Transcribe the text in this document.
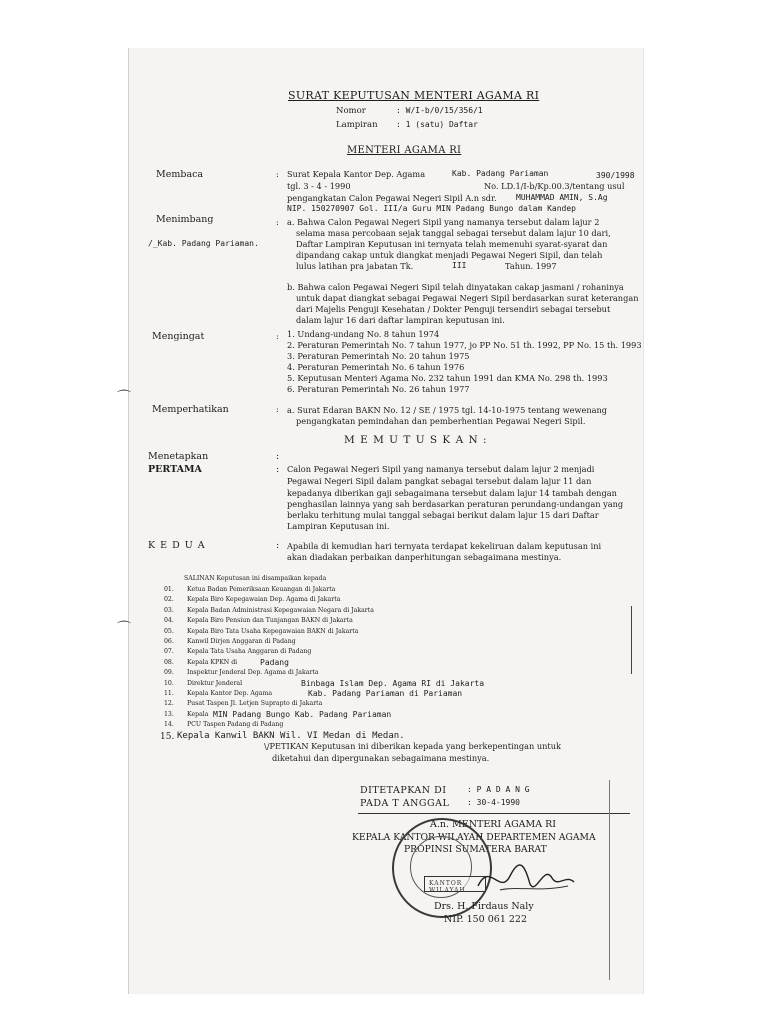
SURAT KEPUTUSAN MENTERI AGAMA RI
Nomor	: W/I-b/0/15/356/1
Lampiran : 1 (satu) Daftar
MENTERI AGAMA RI
Membaca	: Surat Kepala Kantor Dep. Agama	Kab. Padang Pariaman	390/1998
tgl. 3 - 4 - 1990	No. LD.1/I-b/Kp.00.3/tentang usul
pengangkatan Calon Pegawai Negeri Sipil A.n sdr. MUHAMMAD AMIN, S.Ag
NIP. 150270907 Gol. III/a Guru MIN Padang Bungo dalam Kandep
Menimbang
/_Kab. Padang Pariaman.
: a. Bahwa Calon Pegawai Negeri Sipil yang namanya tersebut dalam lajur 2
selama masa percobaan sejak tanggal sebagai tersebut dalam lajur 10 dari,
Daftar Lampiran Keputusan ini ternyata telah memenuhi syarat-syarat dan
dipandang cakap untuk diangkat menjadi Pegawai Negeri Sipil, dan telah
lulus latihan pra jabatan Tk.	III	Tahun. 1997
b. Bahwa calon Pegawai Negeri Sipil telah dinyatakan cakap jasmani / rohaninya
untuk dapat diangkat sebagai Pegawai Negeri Sipil berdasarkan surat keterangan
dari Majelis Penguji Kesehatan / Dokter Penguji tersendiri sebagai tersebut
dalam lajur 16 dari daftar lampiran keputusan ini.
Mengingat	: 1. Undang-undang No. 8 tahun 1974
2. Peraturan Pemerintah No. 7 tahun 1977, jo PP No. 51 th. 1992, PP No. 15 th. 1993
3. Peraturan Pemerintah No. 20 tahun 1975
4. Peraturan Pemerintah No. 6 tahun 1976
5. Keputusan Menteri Agama No. 232 tahun 1991 dan KMA No. 298 th. 1993
6. Peraturan Pemerintah No. 26 tahun 1977
Memperhatikan	: a. Surat Edaran BAKN No. 12 / SE / 1975 tgl. 14-10-1975 tentang wewenang
pengangkatan pemindahan dan pemberhentian Pegawai Negeri Sipil.
M E M U T U S K A N :
Menetapkan	:
PERTAMA	: Calon Pegawai Negeri Sipil yang namanya tersebut dalam lajur 2 menjadi
Pegawai Negeri Sipil dalam pangkat sebagai tersebut dalam lajur 11 dan
kepadanya diberikan gaji sebagaimana tersebut dalam lajur 14 tambah dengan
penghasilan lainnya yang sah berdasarkan peraturan perundang-undangan yang
berlaku terhitung mulai tanggal sebagai berikut dalam lajur 15 dari Daftar
Lampiran Keputusan ini.
K E D U A	: Apabila di kemudian hari ternyata terdapat kekeliruan dalam keputusan ini
akan diadakan perbaikan danperhitungan sebagaimana mestinya.
SALINAN Keputusan ini disampaikan kepada
01. Ketua Badan Pemeriksaan Keuangan di Jakarta
02. Kepala Biro Kepegawaian Dep. Agama di Jakarta
03. Kepala Badan Administrasi Kepegawaian Negara di Jakarta
04. Kepala Biro Pensiun dan Tunjangan BAKN di Jakarta
05. Kepala Biro Tata Usaha Kepegawaian BAKN di Jakarta
06. Kanwil Dirjen Anggaran di Padang
07. Kepala Tata Usaha Anggaran di Padang
08. Kepala KPKN di	Padang
09. Inspektur Jenderal Dep. Agama di Jakarta
10. Direktur Jenderal	Binbaga Islam Dep. Agama RI di Jakarta
11. Kepala Kantor Dep. Agama	Kab. Padang Pariaman di Pariaman
12. Pusat Taspen Jl. Letjen Suprapto di Jakarta
13. Kepala MIN Padang Bungo Kab. Padang Pariaman
14. PCU Taspen Padang di Padang
15. Kepala Kanwil BAKN Wil. VI Medan di Medan.
\/PETIKAN Keputusan ini diberikan kepada yang berkepentingan untuk
diketahui dan dipergunakan sebagaimana mestinya.
DITETAPKAN DI	: P A D A N G
PADA T ANGGAL : 30-4-1990
A.n. MENTERI AGAMA RI
KEPALA KANTOR WILAYAH DEPARTEMEN AGAMA
PROPINSI SUMATERA BARAT
KANTOR WILAYAH
Drs. H. Firdaus Naly
NIP. 150 061 222
⌒
⌒
